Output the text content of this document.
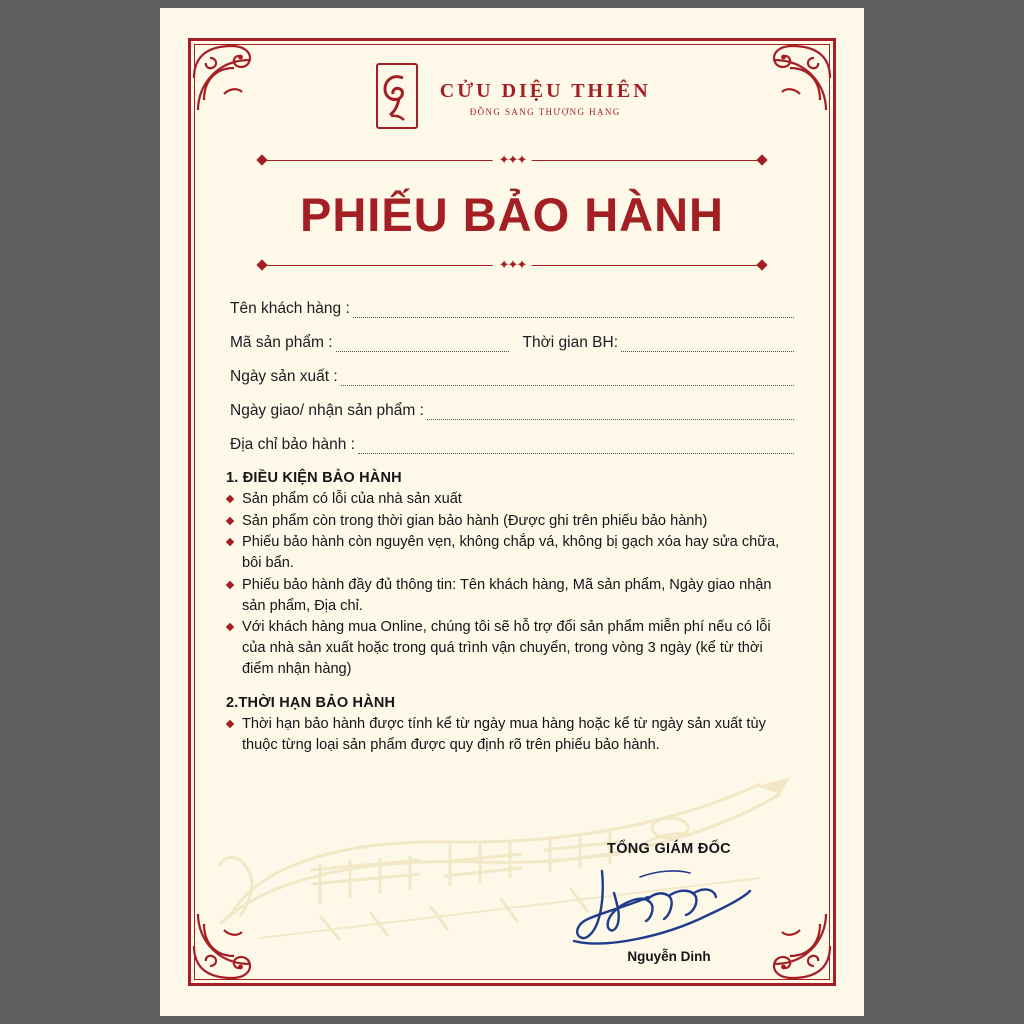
CỬU DIỆU THIÊN
ĐỒNG SANG THƯỢNG HẠNG
✦✦✦
PHIẾU BẢO HÀNH
✦✦✦
Tên khách hàng :
Mã sản phẩm :	Thời gian BH:
Ngày sản xuất :
Ngày giao/ nhận sản phẩm :
Địa chỉ bảo hành :
1. ĐIỀU KIỆN BẢO HÀNH
Sản phẩm có lỗi của nhà sản xuất
Sản phẩm còn trong thời gian bảo hành (Được ghi trên phiếu bảo hành)
Phiếu bảo hành còn nguyên vẹn, không chắp vá, không bị gạch xóa hay sửa chữa, bôi bẩn.
Phiếu bảo hành đầy đủ thông tin: Tên khách hàng, Mã sản phẩm, Ngày giao nhận sản phẩm, Địa chỉ.
Với khách hàng mua Online, chúng tôi sẽ hỗ trợ đổi sản phẩm miễn phí nếu có lỗi của nhà sản xuất hoặc trong quá trình vận chuyển, trong vòng 3 ngày (kể từ thời điểm nhận hàng)
2.THỜI HẠN BẢO HÀNH
Thời hạn bảo hành được tính kể từ ngày mua hàng hoặc kể từ ngày sản xuất tùy thuộc từng loại sản phẩm được quy định rõ trên phiếu bảo hành.
TỔNG GIÁM ĐỐC
Nguyễn Dinh
